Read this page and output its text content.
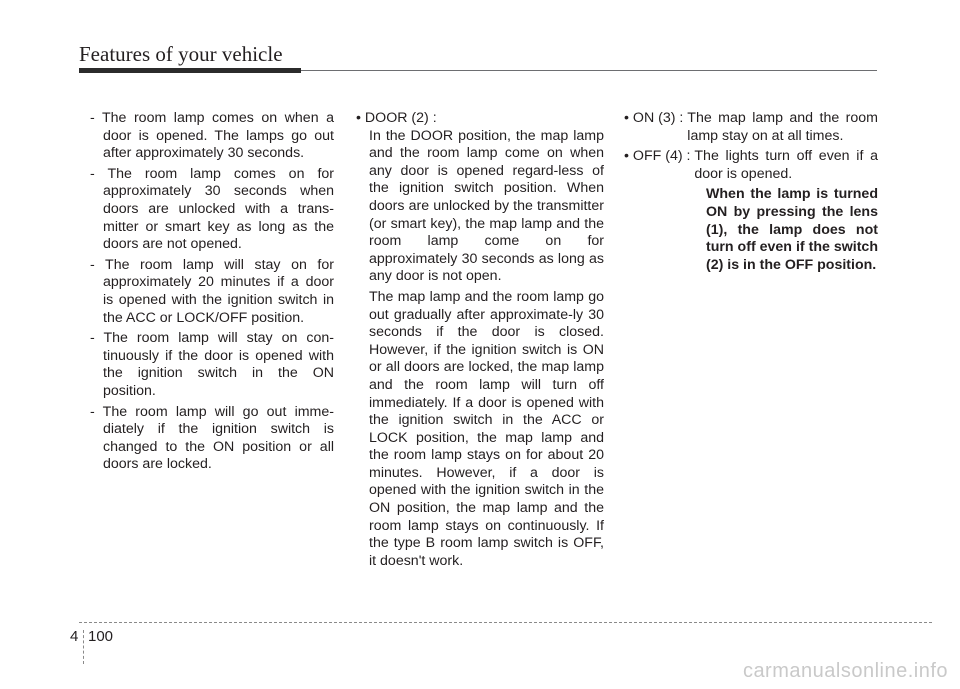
Features of your vehicle

- The room lamp comes on when a door is opened. The lamps go out after approximately 30 seconds.

- The room lamp comes on for approximately 30 seconds when doors are unlocked with a trans-mitter or smart key as long as the doors are not opened.

- The room lamp will stay on for approximately 20 minutes if a door is opened with the ignition switch in the ACC or LOCK/OFF position.

- The room lamp will stay on con-tinuously if the door is opened with the ignition switch in the ON position.

- The room lamp will go out imme-diately if the ignition switch is changed to the ON position or all doors are locked.

• DOOR (2) :

In the DOOR position, the map lamp and the room lamp come on when any door is opened regard-less of the ignition switch position. When doors are unlocked by the transmitter (or smart key), the map lamp and the room lamp come on for approximately 30 seconds as long as any door is not open.

The map lamp and the room lamp go out gradually after approximate-ly 30 seconds if the door is closed. However, if the ignition switch is ON or all doors are locked, the map lamp and the room lamp will turn off immediately. If a door is opened with the ignition switch in the ACC or LOCK position, the map lamp and the room lamp stays on for about 20 minutes. However, if a door is opened with the ignition switch in the ON position, the map lamp and the room lamp stays on continuously. If the type B room lamp switch is OFF, it doesn't work.

• ON (3) : The map lamp and the room lamp stay on at all times.
• OFF (4) : The lights turn off even if a door is opened.

When the lamp is turned ON by pressing the lens (1), the lamp does not turn off even if the switch (2) is in the OFF position.

4 100
carmanualsonline.info
